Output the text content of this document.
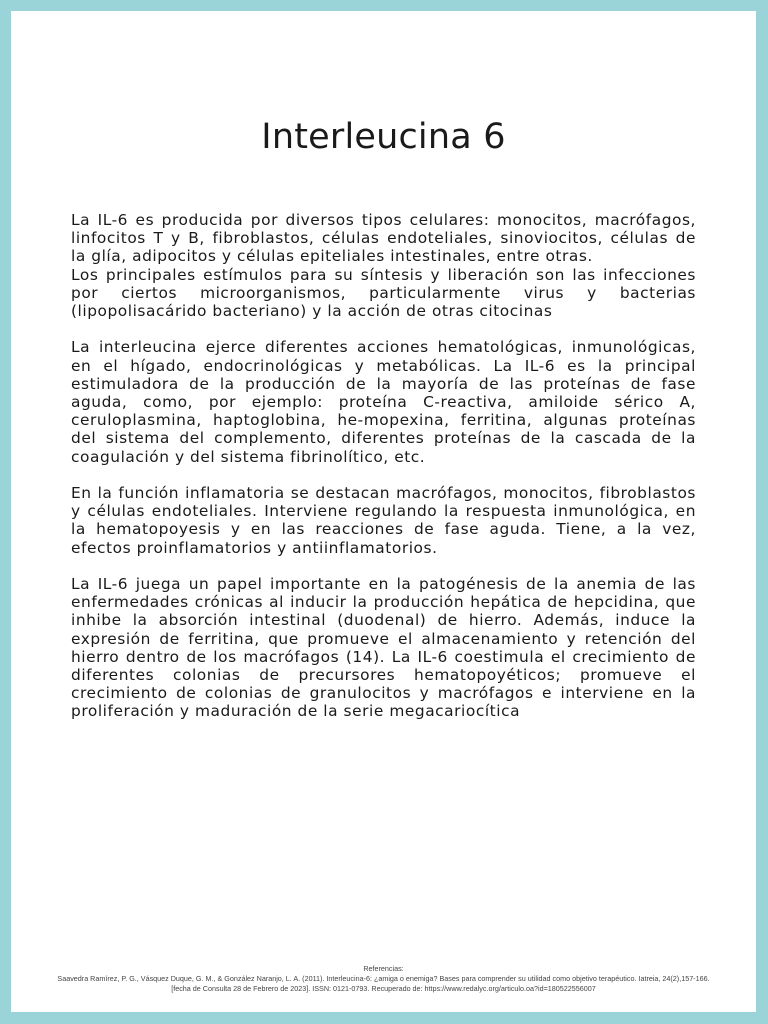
Interleucina 6

La IL-6 es producida por diversos tipos celulares: monocitos, macrófagos, linfocitos T y B, fibroblastos, células endoteliales, sinoviocitos, células de la glía, adipocitos y células epiteliales intestinales, entre otras.

Los principales estímulos para su síntesis y liberación son las infecciones por ciertos microorganismos, particularmente virus y bacterias (lipopolisacárido bacteriano) y la acción de otras citocinas

La interleucina ejerce diferentes acciones hematológicas, inmunológicas, en el hígado, endocrinológicas y metabólicas. La IL-6 es la principal estimuladora de la producción de la mayoría de las proteínas de fase aguda, como, por ejemplo: proteína C-reactiva, amiloide sérico A, ceruloplasmina, haptoglobina, he-mopexina, ferritina, algunas proteínas del sistema del complemento, diferentes proteínas de la cascada de la coagulación y del sistema fibrinolítico, etc.

En la función inflamatoria se destacan macrófagos, monocitos, fibroblastos y células endoteliales. Interviene regulando la respuesta inmunológica, en la hematopoyesis y en las reacciones de fase aguda. Tiene, a la vez, efectos proinflamatorios y antiinflamatorios.

La IL-6 juega un papel importante en la patogénesis de la anemia de las enfermedades crónicas al inducir la producción hepática de hepcidina, que inhibe la absorción intestinal (duodenal) de hierro. Además, induce la expresión de ferritina, que promueve el almacenamiento y retención del hierro dentro de los macrófagos (14). La IL-6 coestimula el crecimiento de diferentes colonias de precursores hematopoyéticos; promueve el crecimiento de colonias de granulocitos y macrófagos e interviene en la proliferación y maduración de la serie megacariocítica

Referencias:
Saavedra Ramírez, P. G., Vásquez Duque, G. M., & González Naranjo, L. A. (2011). Interleucina-6: ¿amiga o enemiga? Bases para comprender su utilidad como objetivo terapéutico. Iatreia, 24(2),157-166.
[fecha de Consulta 28 de Febrero de 2023]. ISSN: 0121-0793. Recuperado de: https://www.redalyc.org/articulo.oa?id=180522556007
